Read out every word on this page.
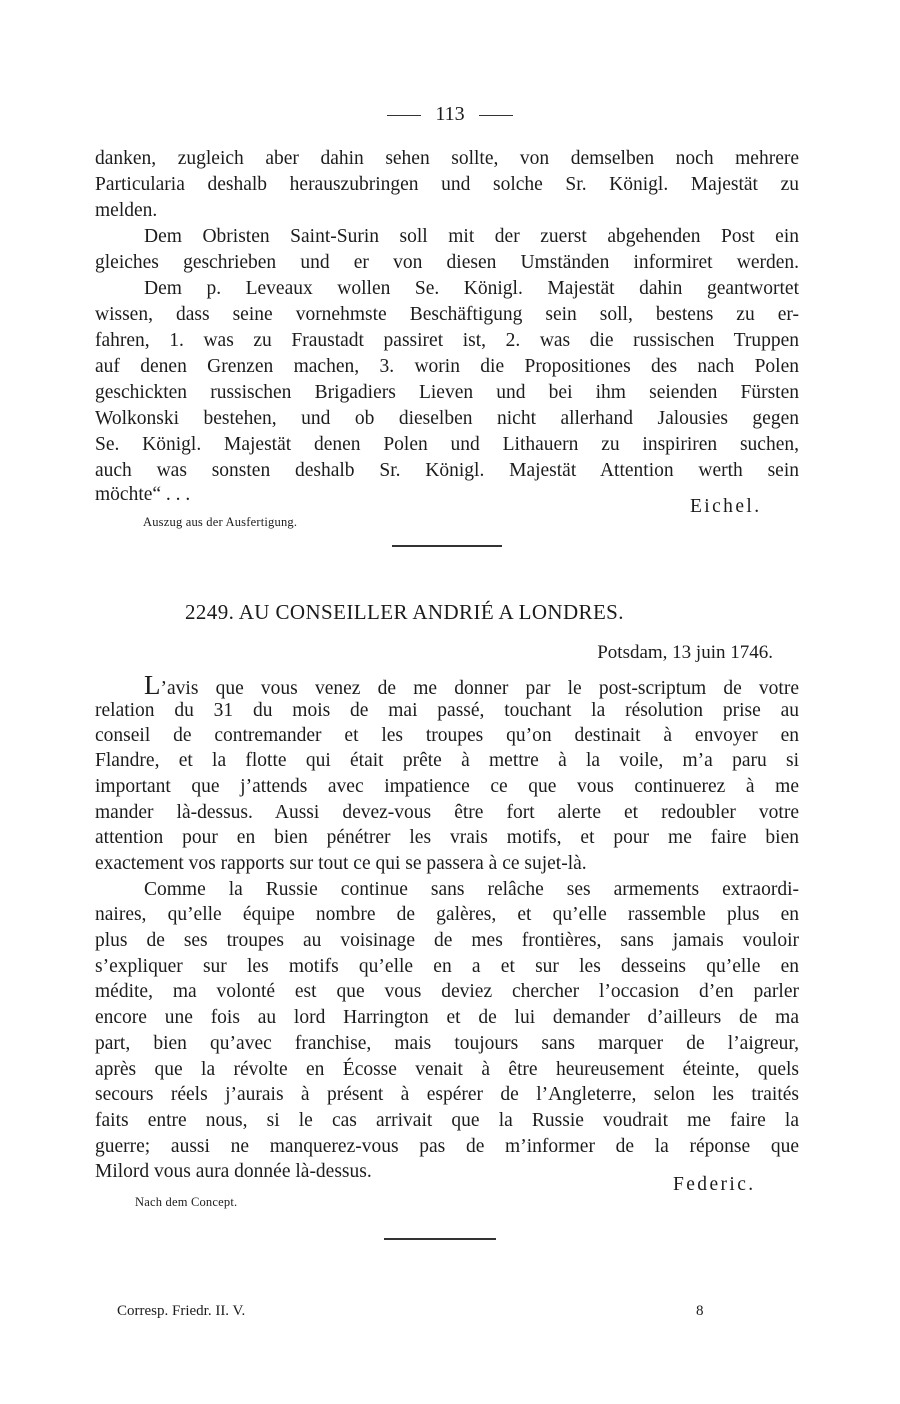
113
danken, zugleich aber dahin sehen sollte, von demselben noch mehrere
Particularia deshalb herauszubringen und solche Sr. Königl. Majestät zu
melden.
Dem Obristen Saint-Surin soll mit der zuerst abgehenden Post ein
gleiches geschrieben und er von diesen Umständen informiret werden.
Dem p. Leveaux wollen Se. Königl. Majestät dahin geantwortet
wissen, dass seine vornehmste Beschäftigung sein soll, bestens zu er-
fahren, 1. was zu Fraustadt passiret ist, 2. was die russischen Truppen
auf denen Grenzen machen, 3. worin die Propositiones des nach Polen
geschickten russischen Brigadiers Lieven und bei ihm seienden Fürsten
Wolkonski bestehen, und ob dieselben nicht allerhand Jalousies gegen
Se. Königl. Majestät denen Polen und Lithauern zu inspiriren suchen,
auch was sonsten deshalb Sr. Königl. Majestät Attention werth sein
möchte“ . . .
Eichel.
Auszug aus der Ausfertigung.
2249. AU CONSEILLER ANDRIÉ A LONDRES.
Potsdam, 13 juin 1746.
L’avis que vous venez de me donner par le post-scriptum de votre
relation du 31 du mois de mai passé, touchant la résolution prise au
conseil de contremander et les troupes qu’on destinait à envoyer en
Flandre, et la flotte qui était prête à mettre à la voile, m’a paru si
important que j’attends avec impatience ce que vous continuerez à me
mander là-dessus. Aussi devez-vous être fort alerte et redoubler votre
attention pour en bien pénétrer les vrais motifs, et pour me faire bien
exactement vos rapports sur tout ce qui se passera à ce sujet-là.
Comme la Russie continue sans relâche ses armements extraordi-
naires, qu’elle équipe nombre de galères, et qu’elle rassemble plus en
plus de ses troupes au voisinage de mes frontières, sans jamais vouloir
s’expliquer sur les motifs qu’elle en a et sur les desseins qu’elle en
médite, ma volonté est que vous deviez chercher l’occasion d’en parler
encore une fois au lord Harrington et de lui demander d’ailleurs de ma
part, bien qu’avec franchise, mais toujours sans marquer de l’aigreur,
après que la révolte en Écosse venait à être heureusement éteinte, quels
secours réels j’aurais à présent à espérer de l’Angleterre, selon les traités
faits entre nous, si le cas arrivait que la Russie voudrait me faire la
guerre; aussi ne manquerez-vous pas de m’informer de la réponse que
Milord vous aura donnée là-dessus.
Federic.
Nach dem Concept.
Corresp. Friedr. II. V.	8
